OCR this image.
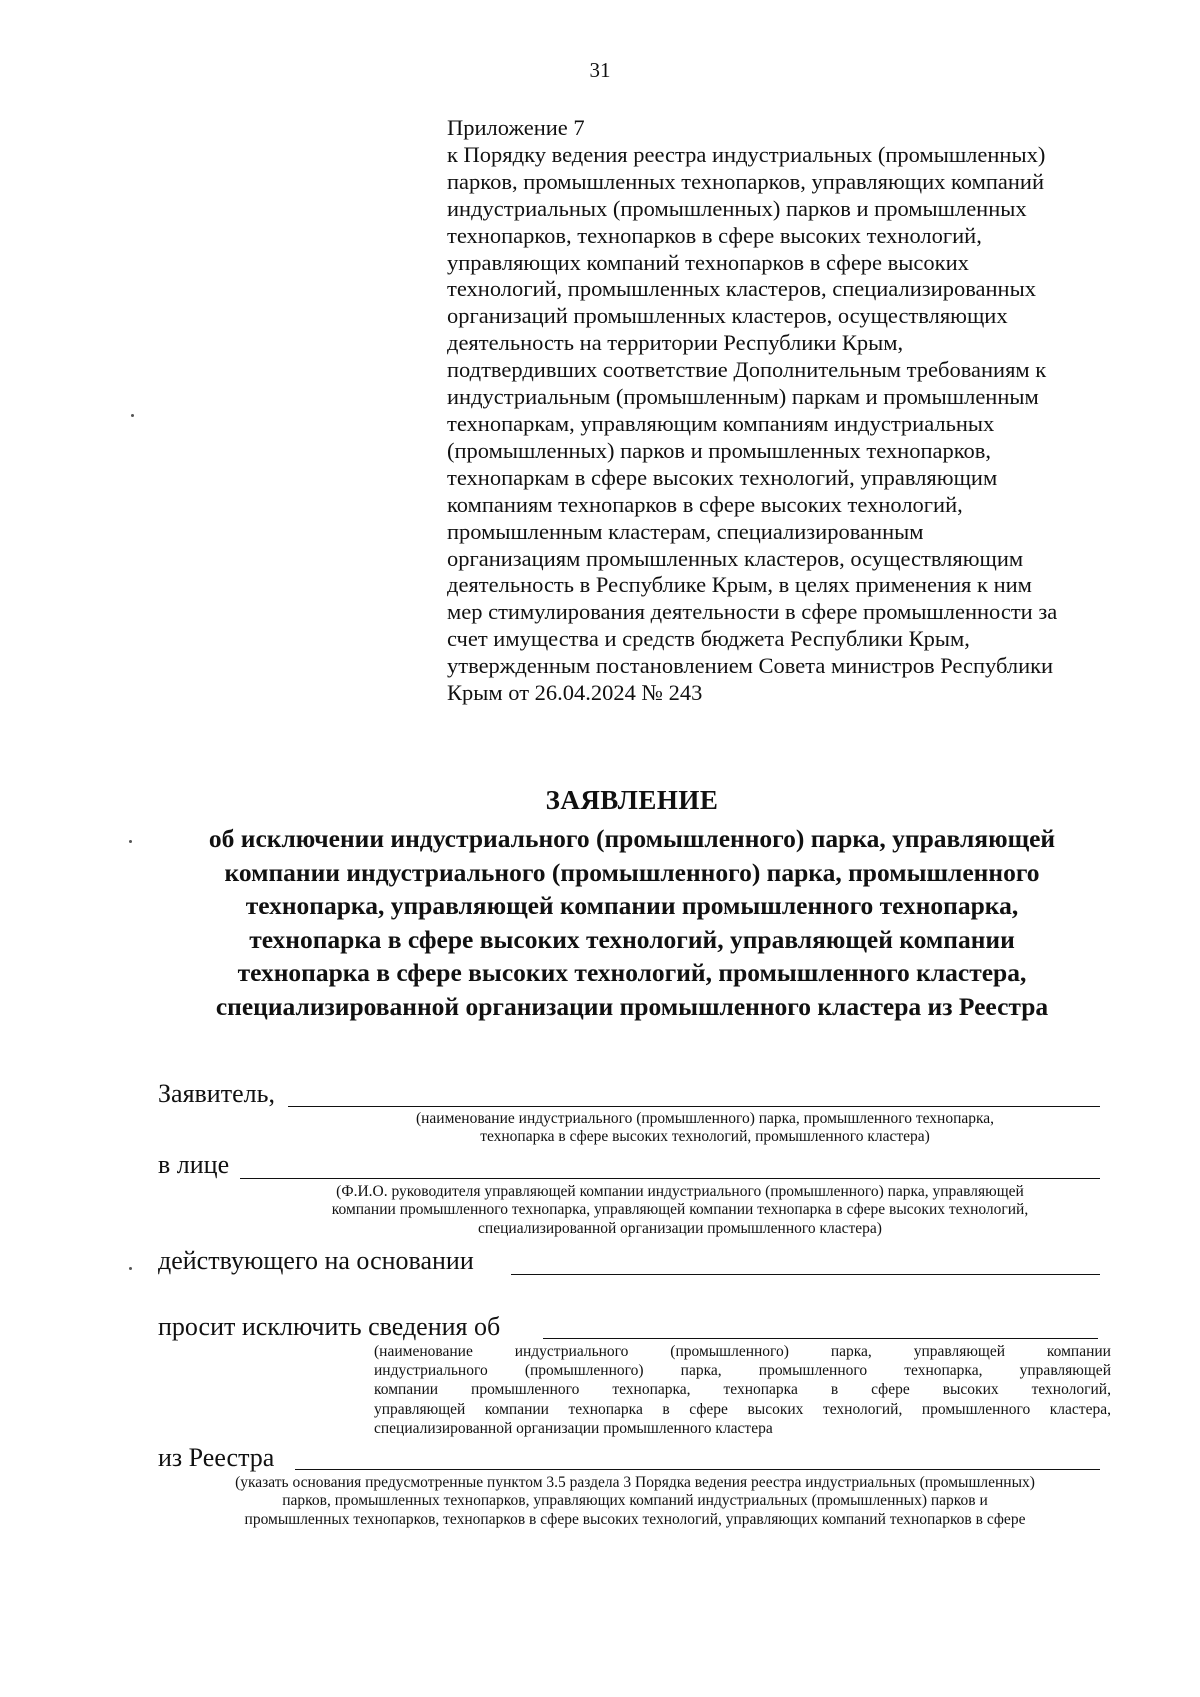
31
Приложение 7
к Порядку ведения реестра индустриальных (промышленных)
парков, промышленных технопарков, управляющих компаний
индустриальных (промышленных) парков и промышленных
технопарков, технопарков в сфере высоких технологий,
управляющих компаний технопарков в сфере высоких
технологий, промышленных кластеров, специализированных
организаций промышленных кластеров, осуществляющих
деятельность на территории Республики Крым,
подтвердивших соответствие Дополнительным требованиям к
индустриальным (промышленным) паркам и промышленным
технопаркам, управляющим компаниям индустриальных
(промышленных) парков и промышленных технопарков,
технопаркам в сфере высоких технологий, управляющим
компаниям технопарков в сфере высоких технологий,
промышленным кластерам, специализированным
организациям промышленных кластеров, осуществляющим
деятельность в Республике Крым, в целях применения к ним
мер стимулирования деятельности в сфере промышленности за
счет имущества и средств бюджета Республики Крым,
утвержденным постановлением Совета министров Республики
Крым от 26.04.2024 № 243
ЗАЯВЛЕНИЕ
об исключении индустриального (промышленного) парка, управляющей
компании индустриального (промышленного) парка, промышленного
технопарка, управляющей компании промышленного технопарка,
технопарка в сфере высоких технологий, управляющей компании
технопарка в сфере высоких технологий, промышленного кластера,
специализированной организации промышленного кластера из Реестра
Заявитель,
(наименование индустриального (промышленного) парка, промышленного технопарка,
технопарка в сфере высоких технологий, промышленного кластера)
в лице
(Ф.И.О. руководителя управляющей компании индустриального (промышленного) парка, управляющей
компании промышленного технопарка, управляющей компании технопарка в сфере высоких технологий,
специализированной организации промышленного кластера)
действующего на основании
просит исключить сведения об
(наименование	индустриального	(промышленного)	парка,	управляющей	компании
индустриального (промышленного) парка, промышленного технопарка, управляющей
компании промышленного технопарка, технопарка в сфере высоких технологий,
управляющей компании технопарка в сфере высоких технологий, промышленного кластера,
специализированной организации промышленного кластера
из Реестра
(указать основания предусмотренные пунктом 3.5 раздела 3 Порядка ведения реестра индустриальных (промышленных)
парков, промышленных технопарков, управляющих компаний индустриальных (промышленных) парков и
промышленных технопарков, технопарков в сфере высоких технологий, управляющих компаний технопарков в сфере
